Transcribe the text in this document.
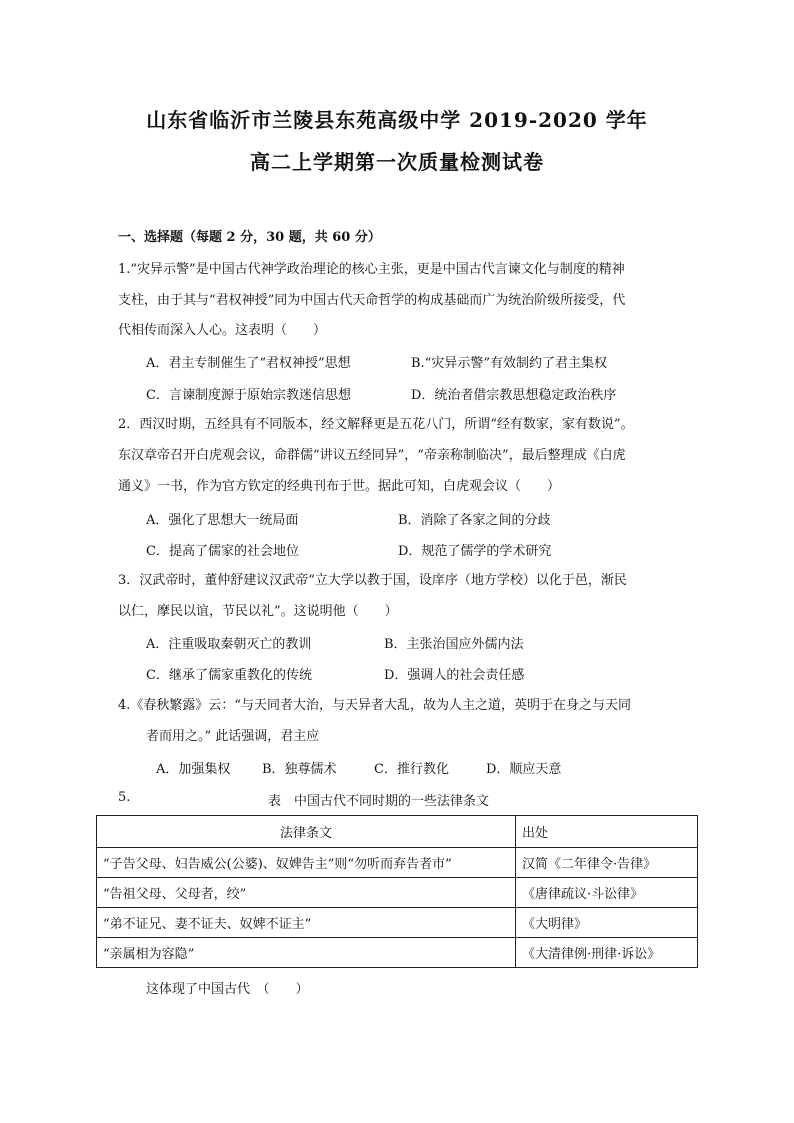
山东省临沂市兰陵县东苑高级中学 2019-2020 学年
高二上学期第一次质量检测试卷
一、选择题（每题 2 分，30 题，共 60 分）
1.“灾异示警”是中国古代神学政治理论的核心主张，更是中国古代言谏文化与制度的精神
支柱，由于其与“君权神授”同为中国古代天命哲学的构成基础而广为统治阶级所接受，代
代相传而深入人心。这表明（　　）
A．君主专制催生了“君权神授”思想	B.“灾异示警”有效制约了君主集权
C．言谏制度源于原始宗教迷信思想	D．统治者借宗教思想稳定政治秩序
2．西汉时期，五经具有不同版本，经文解释更是五花八门，所谓“经有数家，家有数说”。
东汉章帝召开白虎观会议，命群儒“讲议五经同异”，“帝亲称制临决”，最后整理成《白虎
通义》一书，作为官方钦定的经典刊布于世。据此可知，白虎观会议（　　）
A．强化了思想大一统局面	B．消除了各家之间的分歧
C．提高了儒家的社会地位	D．规范了儒学的学术研究
3．汉武帝时，董仲舒建议汉武帝“立大学以教于国，设庠序（地方学校）以化于邑，渐民
以仁，摩民以谊，节民以礼”。这说明他（　　）
A．注重吸取秦朝灭亡的教训	B．主张治国应外儒内法
C．继承了儒家重教化的传统	D．强调人的社会责任感
4.《春秋繁露》云：“与天同者大治，与天异者大乱，故为人主之道，英明于在身之与天同
者而用之。” 此话强调，君主应
A．加强集权 B．独尊儒术	C．推行教化	D．顺应天意
5.	表　中国古代不同时期的一些法律条文
法律条文	出处
“子告父母、妇告威公(公婆)、奴婢告主”则“勿听而弃告者市”	汉简《二年律令·告律》
“告祖父母、父母者，绞”	《唐律疏议·斗讼律》
“弟不证兄、妻不证夫、奴婢不证主”	《大明律》
“亲属相为容隐”	《大清律例·刑律·诉讼》
这体现了中国古代　（　　）
